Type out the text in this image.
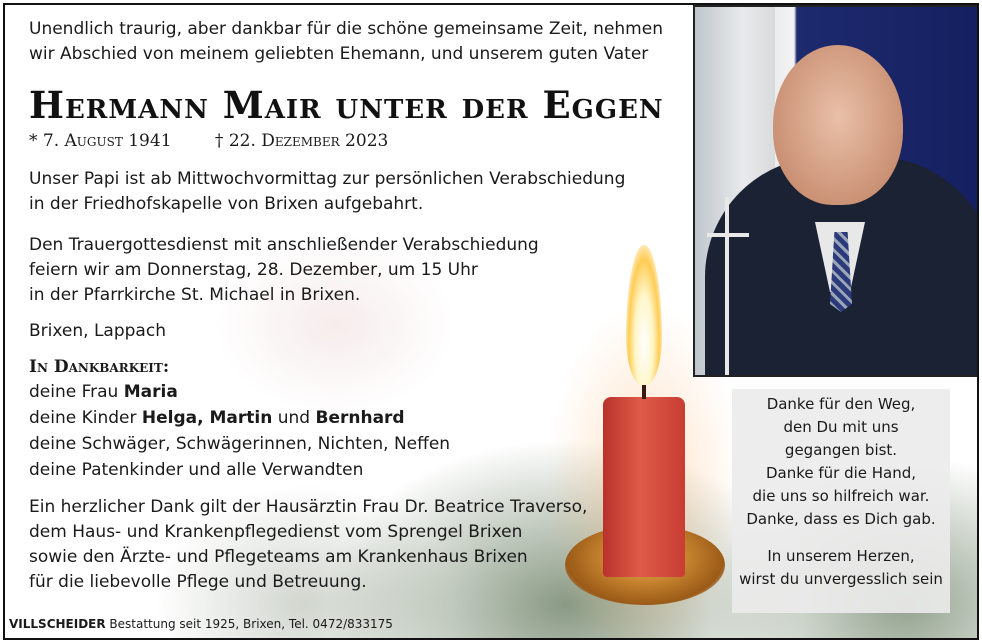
Unendlich traurig, aber dankbar für die schöne gemeinsame Zeit, nehmen
wir Abschied von meinem geliebten Ehemann, und unserem guten Vater
Hermann Mair unter der Eggen
* 7. August 1941	† 22. Dezember 2023
Unser Papi ist ab Mittwochvormittag zur persönlichen Verabschiedung
in der Friedhofskapelle von Brixen aufgebahrt.
Den Trauergottesdienst mit anschließender Verabschiedung
feiern wir am Donnerstag, 28. Dezember, um 15 Uhr
in der Pfarrkirche St. Michael in Brixen.
Brixen, Lappach
In Dankbarkeit:
deine Frau Maria
deine Kinder Helga, Martin und Bernhard
deine Schwäger, Schwägerinnen, Nichten, Neffen
deine Patenkinder und alle Verwandten
Ein herzlicher Dank gilt der Hausärztin Frau Dr. Beatrice Traverso,
dem Haus- und Krankenpflegedienst vom Sprengel Brixen
sowie den Ärzte- und Pflegeteams am Krankenhaus Brixen
für die liebevolle Pflege und Betreuung.
Danke für den Weg,
den Du mit uns
gegangen bist.
Danke für die Hand,
die uns so hilfreich war.
Danke, dass es Dich gab.
In unserem Herzen,
wirst du unvergesslich sein
VILLSCHEIDER Bestattung seit 1925, Brixen, Tel. 0472/833175
